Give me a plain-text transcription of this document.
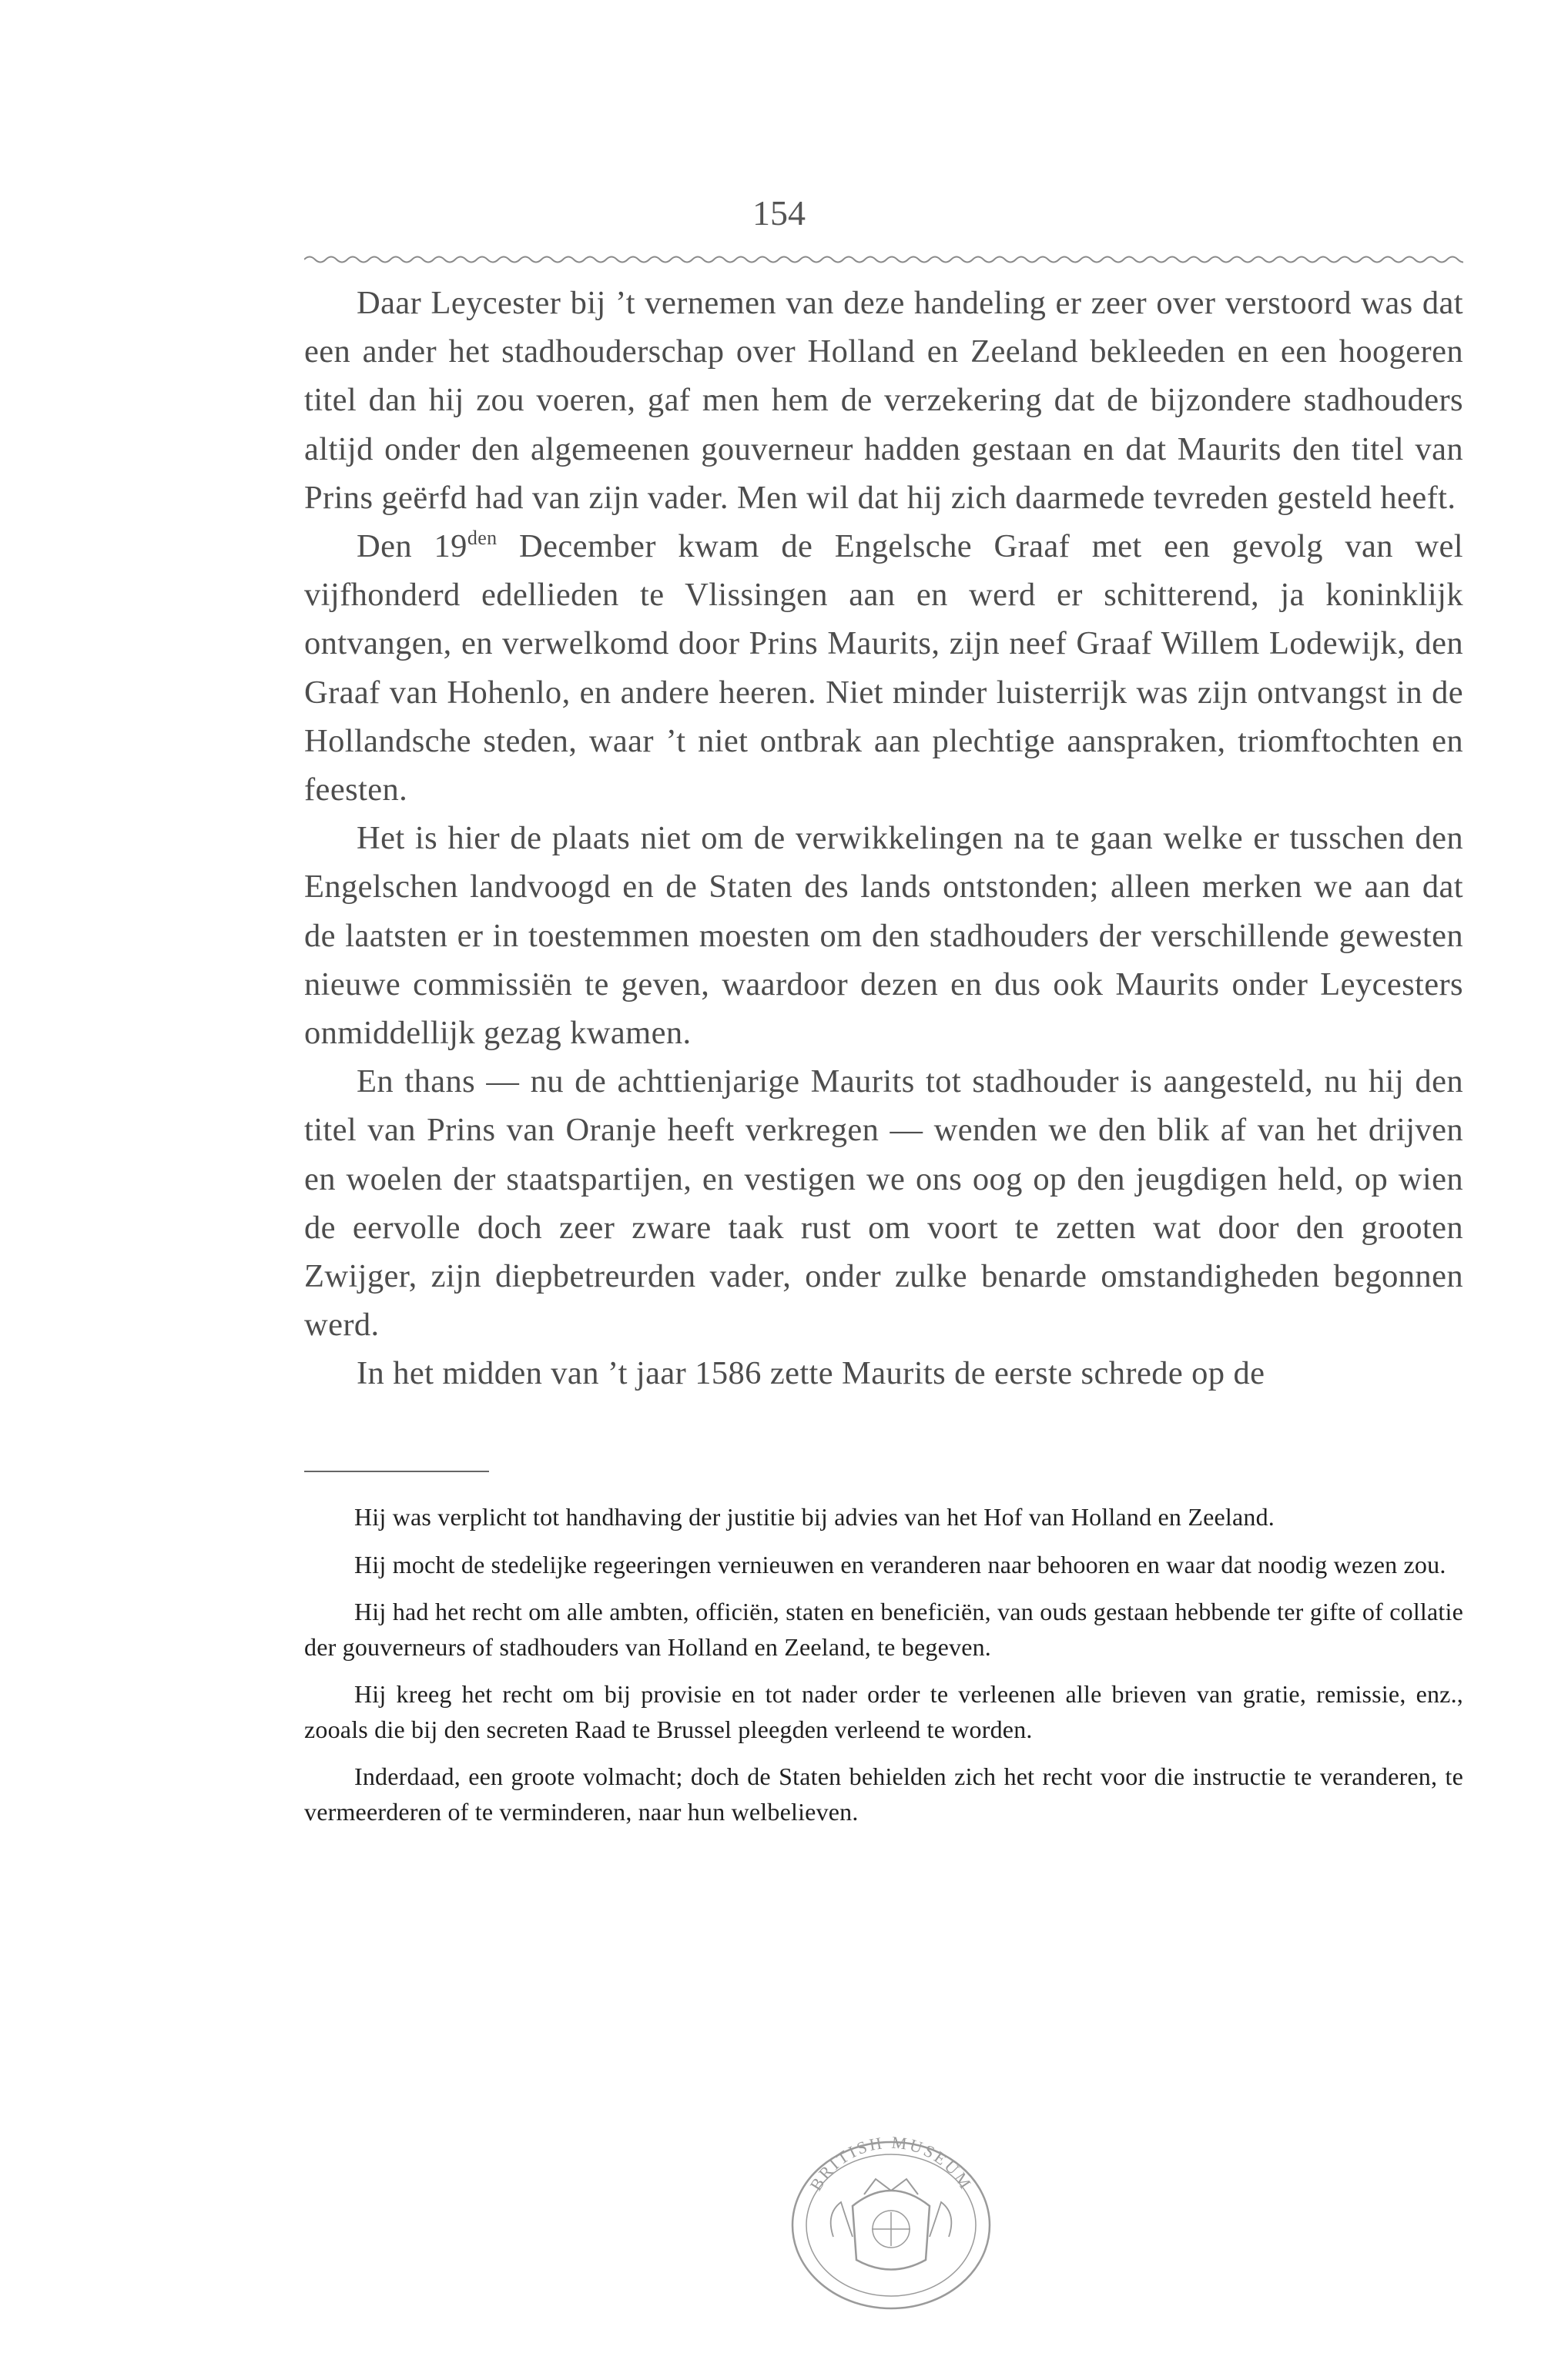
154

Daar Leycester bij ’t vernemen van deze handeling er zeer over verstoord was dat een ander het stadhouderschap over Holland en Zeeland bekleeden en een hoogeren titel dan hij zou voeren, gaf men hem de verzekering dat de bijzondere stadhouders altijd onder den algemeenen gouverneur hadden gestaan en dat Maurits den titel van Prins geërfd had van zijn vader. Men wil dat hij zich daarmede tevreden gesteld heeft.

Den $19^{den}$ December kwam de Engelsche Graaf met een gevolg van wel vijfhonderd edellieden te Vlissingen aan en werd er schitterend, ja koninklijk ontvangen, en verwelkomd door Prins Maurits, zijn neef Graaf Willem Lodewijk, den Graaf van Hohenlo, en andere heeren. Niet minder luisterrijk was zijn ontvangst in de Hollandsche steden, waar ’t niet ontbrak aan plechtige aanspraken, triomftochten en feesten.

Het is hier de plaats niet om de verwikkelingen na te gaan welke er tusschen den Engelschen landvoogd en de Staten des lands ontstonden; alleen merken we aan dat de laatsten er in toestemmen moesten om den stadhouders der verschillende gewesten nieuwe commissiën te geven, waardoor dezen en dus ook Maurits onder Leycesters onmiddellijk gezag kwamen.

En thans — nu de achttienjarige Maurits tot stadhouder is aangesteld, nu hij den titel van Prins van Oranje heeft verkregen — wenden we den blik af van het drijven en woelen der staatspartijen, en vestigen we ons oog op den jeugdigen held, op wien de eervolle doch zeer zware taak rust om voort te zetten wat door den grooten Zwijger, zijn diepbetreurden vader, onder zulke benarde omstandigheden begonnen werd.

In het midden van ’t jaar 1586 zette Maurits de eerste schrede op de

Hij was verplicht tot handhaving der justitie bij advies van het Hof van Holland en Zeeland.

Hij mocht de stedelijke regeeringen vernieuwen en veranderen naar behooren en waar dat noodig wezen zou.

Hij had het recht om alle ambten, officiën, staten en beneficiën, van ouds gestaan hebbende ter gifte of collatie der gouverneurs of stadhouders van Holland en Zeeland, te begeven.

Hij kreeg het recht om bij provisie en tot nader order te verleenen alle brieven van gratie, remissie, enz., zooals die bij den secreten Raad te Brussel pleegden verleend te worden.

Inderdaad, een groote volmacht; doch de Staten behielden zich het recht voor die instructie te veranderen, te vermeerderen of te verminderen, naar hun welbelieven.

BRITISH MUSEUM
